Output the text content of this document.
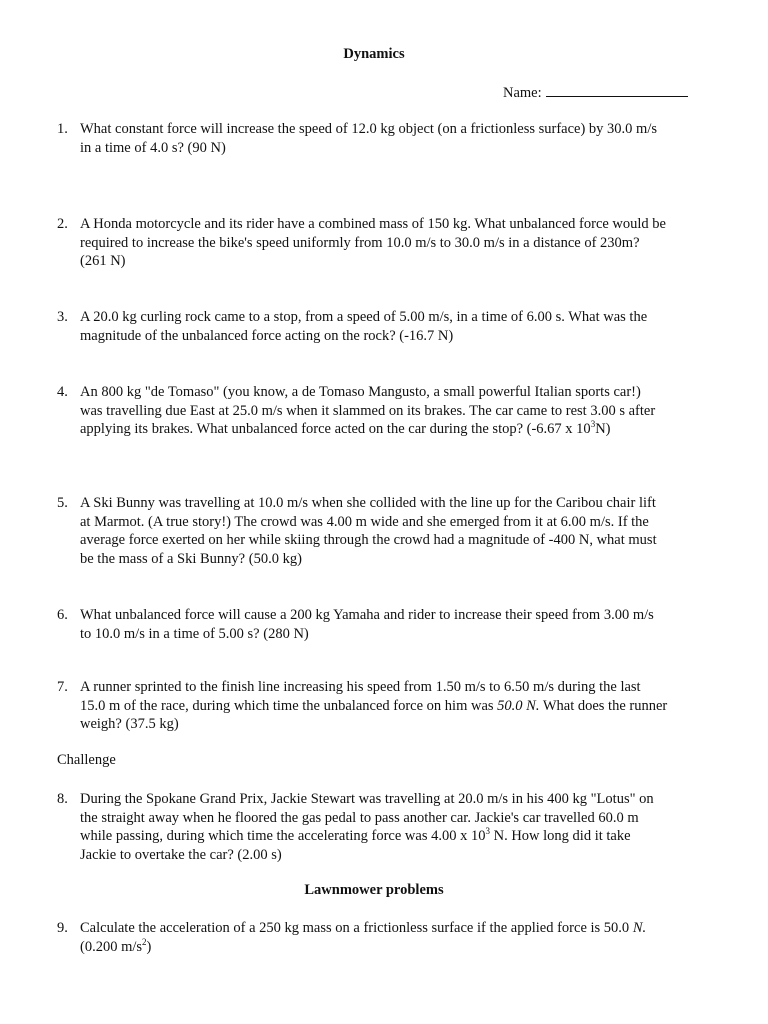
Dynamics
Name:
1. What constant force will increase the speed of 12.0 kg object (on a frictionless surface) by 30.0 m/s
in a time of 4.0 s? (90 N)
2. A Honda motorcycle and its rider have a combined mass of 150 kg. What unbalanced force would be
required to increase the bike's speed uniformly from 10.0 m/s to 30.0 m/s in a distance of 230m?
(261 N)
3. A 20.0 kg curling rock came to a stop, from a speed of 5.00 m/s, in a time of 6.00 s. What was the
magnitude of the unbalanced force acting on the rock? (-16.7 N)
4. An 800 kg "de Tomaso" (you know, a de Tomaso Mangusto, a small powerful Italian sports car!)
was travelling due East at 25.0 m/s when it slammed on its brakes. The car came to rest 3.00 s after
applying its brakes. What unbalanced force acted on the car during the stop? (-6.67 x $10^3N$)
5. A Ski Bunny was travelling at 10.0 m/s when she collided with the line up for the Caribou chair lift
at Marmot. (A true story!) The crowd was 4.00 m wide and she emerged from it at 6.00 m/s. If the
average force exerted on her while skiing through the crowd had a magnitude of -400 N, what must
be the mass of a Ski Bunny? (50.0 kg)
6. What unbalanced force will cause a 200 kg Yamaha and rider to increase their speed from 3.00 m/s
to 10.0 m/s in a time of 5.00 s? (280 N)
7. A runner sprinted to the finish line increasing his speed from 1.50 m/s to 6.50 m/s during the last
15.0 m of the race, during which time the unbalanced force on him was 50.0 N. What does the runner
weigh? (37.5 kg)
Challenge
8. During the Spokane Grand Prix, Jackie Stewart was travelling at 20.0 m/s in his 400 kg "Lotus" on
the straight away when he floored the gas pedal to pass another car. Jackie's car travelled 60.0 m
while passing, during which time the accelerating force was 4.00 x $10^3$ N. How long did it take
Jackie to overtake the car? (2.00 s)
Lawnmower problems
9. Calculate the acceleration of a 250 kg mass on a frictionless surface if the applied force is 50.0 N.
(0.200 $m/s^2$)
